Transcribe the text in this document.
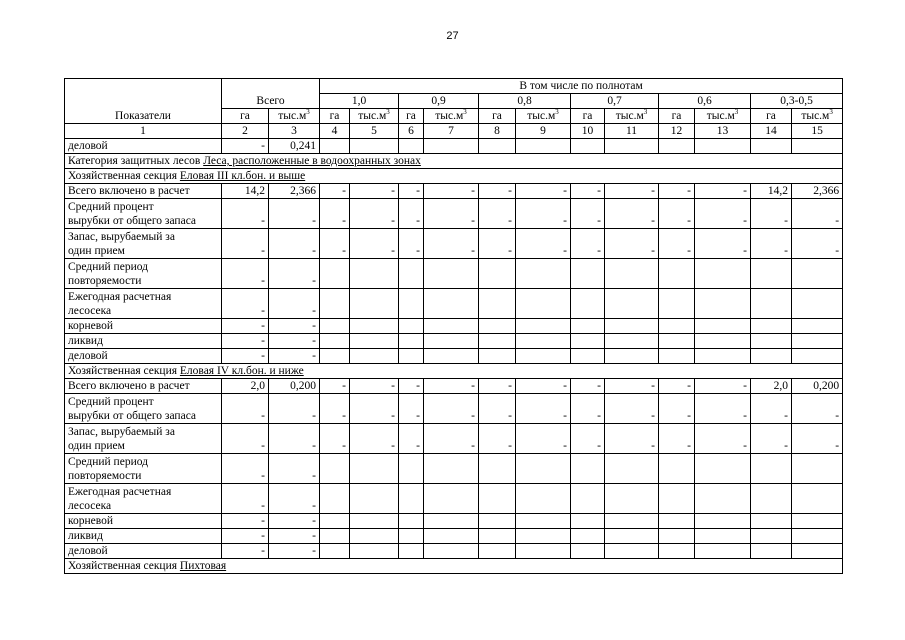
27
Показатели	Всего		В том числе по полнотам											
			1,0		0,9		0,8		0,7		0,6		0,3-0,5	
	га	$тыс.м^3$	га	$тыс.м^3$	га	$тыс.м^3$	га	$тыс.м^3$	га	$тыс.м^3$	га	$тыс.м^3$	га	$тыс.м^3$
1	2	3	4	5	6	7	8	9	10	11	12	13	14	15
деловой	-	0,241												
Категория защитных лесов Леса, расположенные в водоохранных зонах														
Хозяйственная секция Еловая III кл.бон. и выше														
Всего включено в расчет	14,2	2,366	-	-	-	-	-	-	-	-	-	-	14,2	2,366
Средний процент
вырубки от общего запаса	-	-	-	-	-	-	-	-	-	-	-	-	-	-
Запас, вырубаемый за
один прием	-	-	-	-	-	-	-	-	-	-	-	-	-	-
Средний период
повторяемости	-	-												
Ежегодная расчетная
лесосека	-	-												
корневой	-	-												
ликвид	-	-												
деловой	-	-												
Хозяйственная секция Еловая IV кл.бон. и ниже														
Всего включено в расчет	2,0	0,200	-	-	-	-	-	-	-	-	-	-	2,0	0,200
Средний процент
вырубки от общего запаса	-	-	-	-	-	-	-	-	-	-	-	-	-	-
Запас, вырубаемый за
один прием	-	-	-	-	-	-	-	-	-	-	-	-	-	-
Средний период
повторяемости	-	-												
Ежегодная расчетная
лесосека	-	-												
корневой	-	-												
ликвид	-	-												
деловой	-	-												
Хозяйственная секция Пихтовая														
